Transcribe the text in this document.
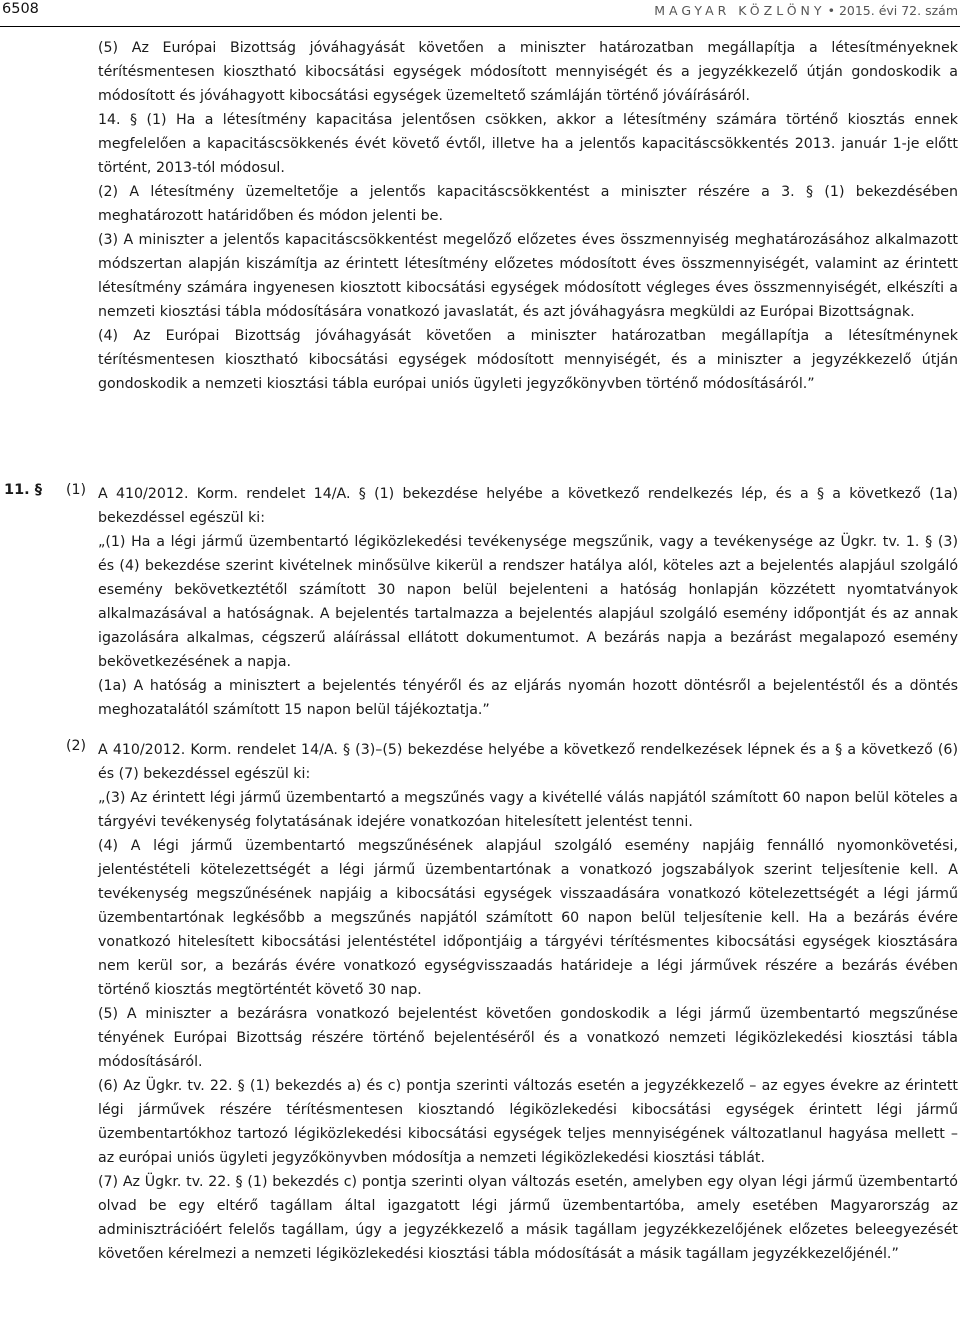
6508	MAGYAR KÖZLÖNY • 2015. évi 72. szám

(5) Az Európai Bizottság jóváhagyását követően a miniszter határozatban megállapítja a létesítményeknek térítésmentesen kiosztható kibocsátási egységek módosított mennyiségét és a jegyzékkezelő útján gondoskodik a módosított és jóváhagyott kibocsátási egységek üzemeltető számláján történő jóváírásáról.

14. § (1) Ha a létesítmény kapacitása jelentősen csökken, akkor a létesítmény számára történő kiosztás ennek megfelelően a kapacitáscsökkenés évét követő évtől, illetve ha a jelentős kapacitáscsökkentés 2013. január 1-je előtt történt, 2013-tól módosul.

(2) A létesítmény üzemeltetője a jelentős kapacitáscsökkentést a miniszter részére a 3. § (1) bekezdésében meghatározott határidőben és módon jelenti be.

(3) A miniszter a jelentős kapacitáscsökkentést megelőző előzetes éves összmennyiség meghatározásához alkalmazott módszertan alapján kiszámítja az érintett létesítmény előzetes módosított éves összmennyiségét, valamint az érintett létesítmény számára ingyenesen kiosztott kibocsátási egységek módosított végleges éves összmennyiségét, elkészíti a nemzeti kiosztási tábla módosítására vonatkozó javaslatát, és azt jóváhagyásra megküldi az Európai Bizottságnak.

(4) Az Európai Bizottság jóváhagyását követően a miniszter határozatban megállapítja a létesítménynek térítésmentesen kiosztható kibocsátási egységek módosított mennyiségét, és a miniszter a jegyzékkezelő útján gondoskodik a nemzeti kiosztási tábla európai uniós ügyleti jegyzőkönyvben történő módosításáról.”

11. § (1) A 410/2012. Korm. rendelet 14/A. § (1) bekezdése helyébe a következő rendelkezés lép, és a § a következő (1a) bekezdéssel egészül ki:

„(1) Ha a légi jármű üzembentartó légiközlekedési tevékenysége megszűnik, vagy a tevékenysége az Ügkr. tv. 1. § (3) és (4) bekezdése szerint kivételnek minősülve kikerül a rendszer hatálya alól, köteles azt a bejelentés alapjául szolgáló esemény bekövetkeztétől számított 30 napon belül bejelenteni a hatóság honlapján közzétett nyomtatványok alkalmazásával a hatóságnak. A bejelentés tartalmazza a bejelentés alapjául szolgáló esemény időpontját és az annak igazolására alkalmas, cégszerű aláírással ellátott dokumentumot. A bezárás napja a bezárást megalapozó esemény bekövetkezésének a napja.

(1a) A hatóság a minisztert a bejelentés tényéről és az eljárás nyomán hozott döntésről a bejelentéstől és a döntés meghozatalától számított 15 napon belül tájékoztatja.”

(2) A 410/2012. Korm. rendelet 14/A. § (3)–(5) bekezdése helyébe a következő rendelkezések lépnek és a § a következő (6) és (7) bekezdéssel egészül ki:

„(3) Az érintett légi jármű üzembentartó a megszűnés vagy a kivétellé válás napjától számított 60 napon belül köteles a tárgyévi tevékenység folytatásának idejére vonatkozóan hitelesített jelentést tenni.

(4) A légi jármű üzembentartó megszűnésének alapjául szolgáló esemény napjáig fennálló nyomonkövetési, jelentéstételi kötelezettségét a légi jármű üzembentartónak a vonatkozó jogszabályok szerint teljesítenie kell. A tevékenység megszűnésének napjáig a kibocsátási egységek visszaadására vonatkozó kötelezettségét a légi jármű üzembentartónak legkésőbb a megszűnés napjától számított 60 napon belül teljesítenie kell. Ha a bezárás évére vonatkozó hitelesített kibocsátási jelentéstétel időpontjáig a tárgyévi térítésmentes kibocsátási egységek kiosztására nem kerül sor, a bezárás évére vonatkozó egységvisszaadás határideje a légi járművek részére a bezárás évében történő kiosztás megtörténtét követő 30 nap.

(5) A miniszter a bezárásra vonatkozó bejelentést követően gondoskodik a légi jármű üzembentartó megszűnése tényének Európai Bizottság részére történő bejelentéséről és a vonatkozó nemzeti légiközlekedési kiosztási tábla módosításáról.

(6) Az Ügkr. tv. 22. § (1) bekezdés a) és c) pontja szerinti változás esetén a jegyzékkezelő – az egyes évekre az érintett légi járművek részére térítésmentesen kiosztandó légiközlekedési kibocsátási egységek érintett légi jármű üzembentartókhoz tartozó légiközlekedési kibocsátási egységek teljes mennyiségének változatlanul hagyása mellett – az európai uniós ügyleti jegyzőkönyvben módosítja a nemzeti légiközlekedési kiosztási táblát.

(7) Az Ügkr. tv. 22. § (1) bekezdés c) pontja szerinti olyan változás esetén, amelyben egy olyan légi jármű üzembentartó olvad be egy eltérő tagállam által igazgatott légi jármű üzembentartóba, amely esetében Magyarország az adminisztrációért felelős tagállam, úgy a jegyzékkezelő a másik tagállam jegyzékkezelőjének előzetes beleegyezését követően kérelmezi a nemzeti légiközlekedési kiosztási tábla módosítását a másik tagállam jegyzékkezelőjénél.”
